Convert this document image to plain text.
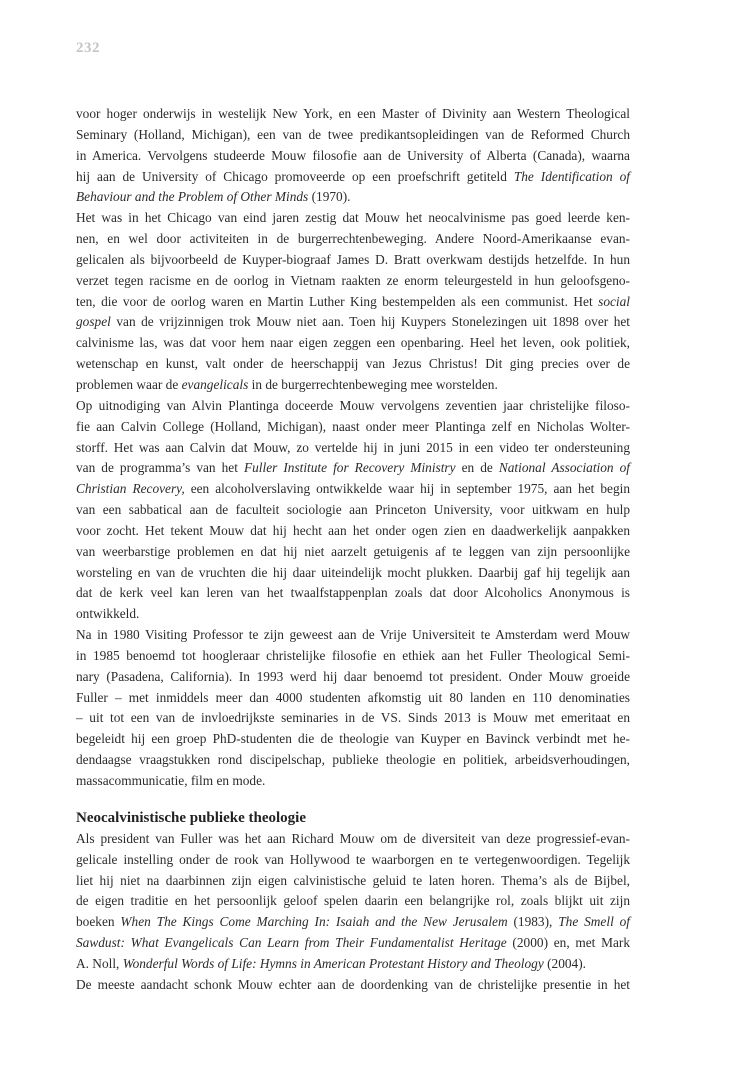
232

voor hoger onderwijs in westelijk New York, en een Master of Divinity aan Western Theological
Seminary (Holland, Michigan), een van de twee predikantsopleidingen van de Reformed Church
in America. Vervolgens studeerde Mouw filosofie aan de University of Alberta (Canada), waarna
hij aan de University of Chicago promoveerde op een proefschrift getiteld The Identification of
Behaviour and the Problem of Other Minds (1970).

Het was in het Chicago van eind jaren zestig dat Mouw het neocalvinisme pas goed leerde ken-
nen, en wel door activiteiten in de burgerrechtenbeweging. Andere Noord-Amerikaanse evan-
gelicalen als bijvoorbeeld de Kuyper-biograaf James D. Bratt overkwam destijds hetzelfde. In hun
verzet tegen racisme en de oorlog in Vietnam raakten ze enorm teleurgesteld in hun geloofsgeno-
ten, die voor de oorlog waren en Martin Luther King bestempelden als een communist. Het social
gospel van de vrijzinnigen trok Mouw niet aan. Toen hij Kuypers Stonelezingen uit 1898 over het
calvinisme las, was dat voor hem naar eigen zeggen een openbaring. Heel het leven, ook politiek,
wetenschap en kunst, valt onder de heerschappij van Jezus Christus! Dit ging precies over de
problemen waar de evangelicals in de burgerrechtenbeweging mee worstelden.

Op uitnodiging van Alvin Plantinga doceerde Mouw vervolgens zeventien jaar christelijke filoso-
fie aan Calvin College (Holland, Michigan), naast onder meer Plantinga zelf en Nicholas Wolter-
storff. Het was aan Calvin dat Mouw, zo vertelde hij in juni 2015 in een video ter ondersteuning
van de programma’s van het Fuller Institute for Recovery Ministry en de National Association of
Christian Recovery, een alcoholverslaving ontwikkelde waar hij in september 1975, aan het begin
van een sabbatical aan de faculteit sociologie aan Princeton University, voor uitkwam en hulp
voor zocht. Het tekent Mouw dat hij hecht aan het onder ogen zien en daadwerkelijk aanpakken
van weerbarstige problemen en dat hij niet aarzelt getuigenis af te leggen van zijn persoonlijke
worsteling en van de vruchten die hij daar uiteindelijk mocht plukken. Daarbij gaf hij tegelijk aan
dat de kerk veel kan leren van het twaalfstappenplan zoals dat door Alcoholics Anonymous is
ontwikkeld.

Na in 1980 Visiting Professor te zijn geweest aan de Vrije Universiteit te Amsterdam werd Mouw
in 1985 benoemd tot hoogleraar christelijke filosofie en ethiek aan het Fuller Theological Semi-
nary (Pasadena, California). In 1993 werd hij daar benoemd tot president. Onder Mouw groeide
Fuller – met inmiddels meer dan 4000 studenten afkomstig uit 80 landen en 110 denominaties
– uit tot een van de invloedrijkste seminaries in de VS. Sinds 2013 is Mouw met emeritaat en
begeleidt hij een groep PhD-studenten die de theologie van Kuyper en Bavinck verbindt met he-
dendaagse vraagstukken rond discipelschap, publieke theologie en politiek, arbeidsverhoudingen,
massacommunicatie, film en mode.

Neocalvinistische publieke theologie

Als president van Fuller was het aan Richard Mouw om de diversiteit van deze progressief-evan-
gelicale instelling onder de rook van Hollywood te waarborgen en te vertegenwoordigen. Tegelijk
liet hij niet na daarbinnen zijn eigen calvinistische geluid te laten horen. Thema’s als de Bijbel,
de eigen traditie en het persoonlijk geloof spelen daarin een belangrijke rol, zoals blijkt uit zijn
boeken When The Kings Come Marching In: Isaiah and the New Jerusalem (1983), The Smell of
Sawdust: What Evangelicals Can Learn from Their Fundamentalist Heritage (2000) en, met Mark
A. Noll, Wonderful Words of Life: Hymns in American Protestant History and Theology (2004).

De meeste aandacht schonk Mouw echter aan de doordenking van de christelijke presentie in het
